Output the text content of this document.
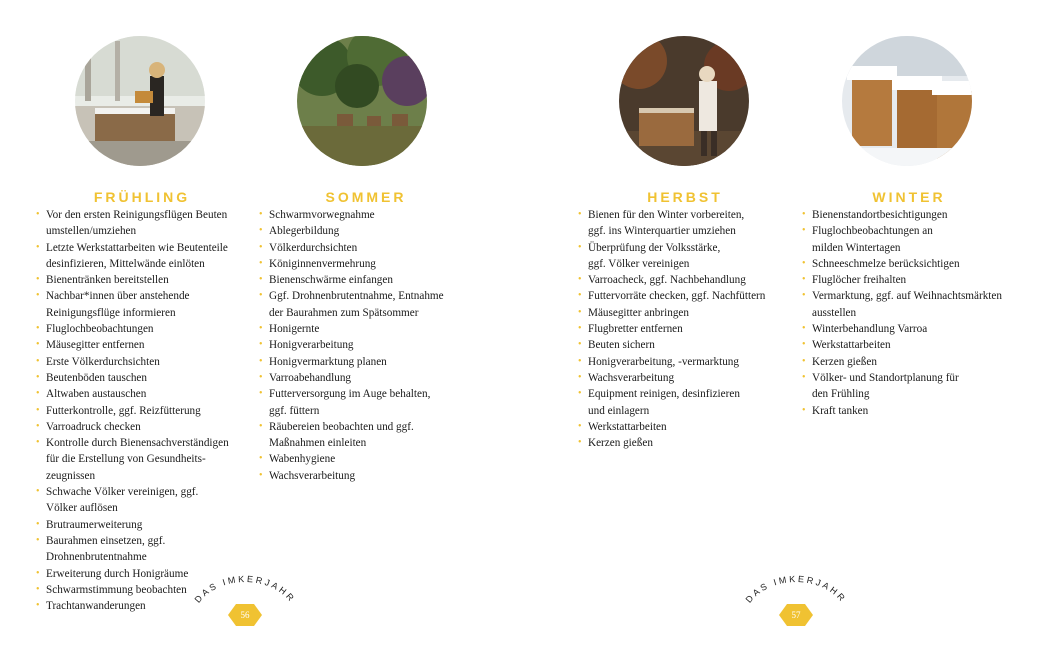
FRÜHLING	SOMMER	HERBST	WINTER
• Vor den ersten Reinigungsflügen Beuten
umstellen/umziehen
• Letzte Werkstattarbeiten wie Beutenteile
desinfizieren, Mittelwände einlöten
• Bienentränken bereitstellen
• Nachbar*innen über anstehende
Reinigungsflüge informieren
• Fluglochbeobachtungen
• Mäusegitter entfernen
• Erste Völkerdurchsichten
• Beutenböden tauschen
• Altwaben austauschen
• Futterkontrolle, ggf. Reizfütterung
• Varroadruck checken
• Kontrolle durch Bienensachverständigen
für die Erstellung von Gesundheits-
zeugnissen
• Schwache Völker vereinigen, ggf.
Völker auflösen
• Brutraumerweiterung
• Baurahmen einsetzen, ggf.
Drohnenbrutentnahme
• Erweiterung durch Honigräume
• Schwarmstimmung beobachten
• Trachtanwanderungen
• Schwarmvorwegnahme
• Ablegerbildung
• Völkerdurchsichten
• Königinnenvermehrung
• Bienenschwärme einfangen
• Ggf. Drohnenbrutentnahme, Entnahme
der Baurahmen zum Spätsommer
• Honigernte
• Honigverarbeitung
• Honigvermarktung planen
• Varroabehandlung
• Futterversorgung im Auge behalten,
ggf. füttern
• Räubereien beobachten und ggf.
Maßnahmen einleiten
• Wabenhygiene
• Wachsverarbeitung
• Bienen für den Winter vorbereiten,
ggf. ins Winterquartier umziehen
• Überprüfung der Volksstärke,
ggf. Völker vereinigen
• Varroacheck, ggf. Nachbehandlung
• Futtervorräte checken, ggf. Nachfüttern
• Mäusegitter anbringen
• Flugbretter entfernen
• Beuten sichern
• Honigverarbeitung, -vermarktung
• Wachsverarbeitung
• Equipment reinigen, desinfizieren
und einlagern
• Werkstattarbeiten
• Kerzen gießen
• Bienenstandortbesichtigungen
• Fluglochbeobachtungen an
milden Wintertagen
• Schneeschmelze berücksichtigen
• Fluglöcher freihalten
• Vermarktung, ggf. auf Weihnachtsmärkten
ausstellen
• Winterbehandlung Varroa
• Werkstattarbeiten
• Kerzen gießen
• Völker- und Standortplanung für
den Frühling
• Kraft tanken
DAS IMKERJAHR
56
DAS IMKERJAHR
57
